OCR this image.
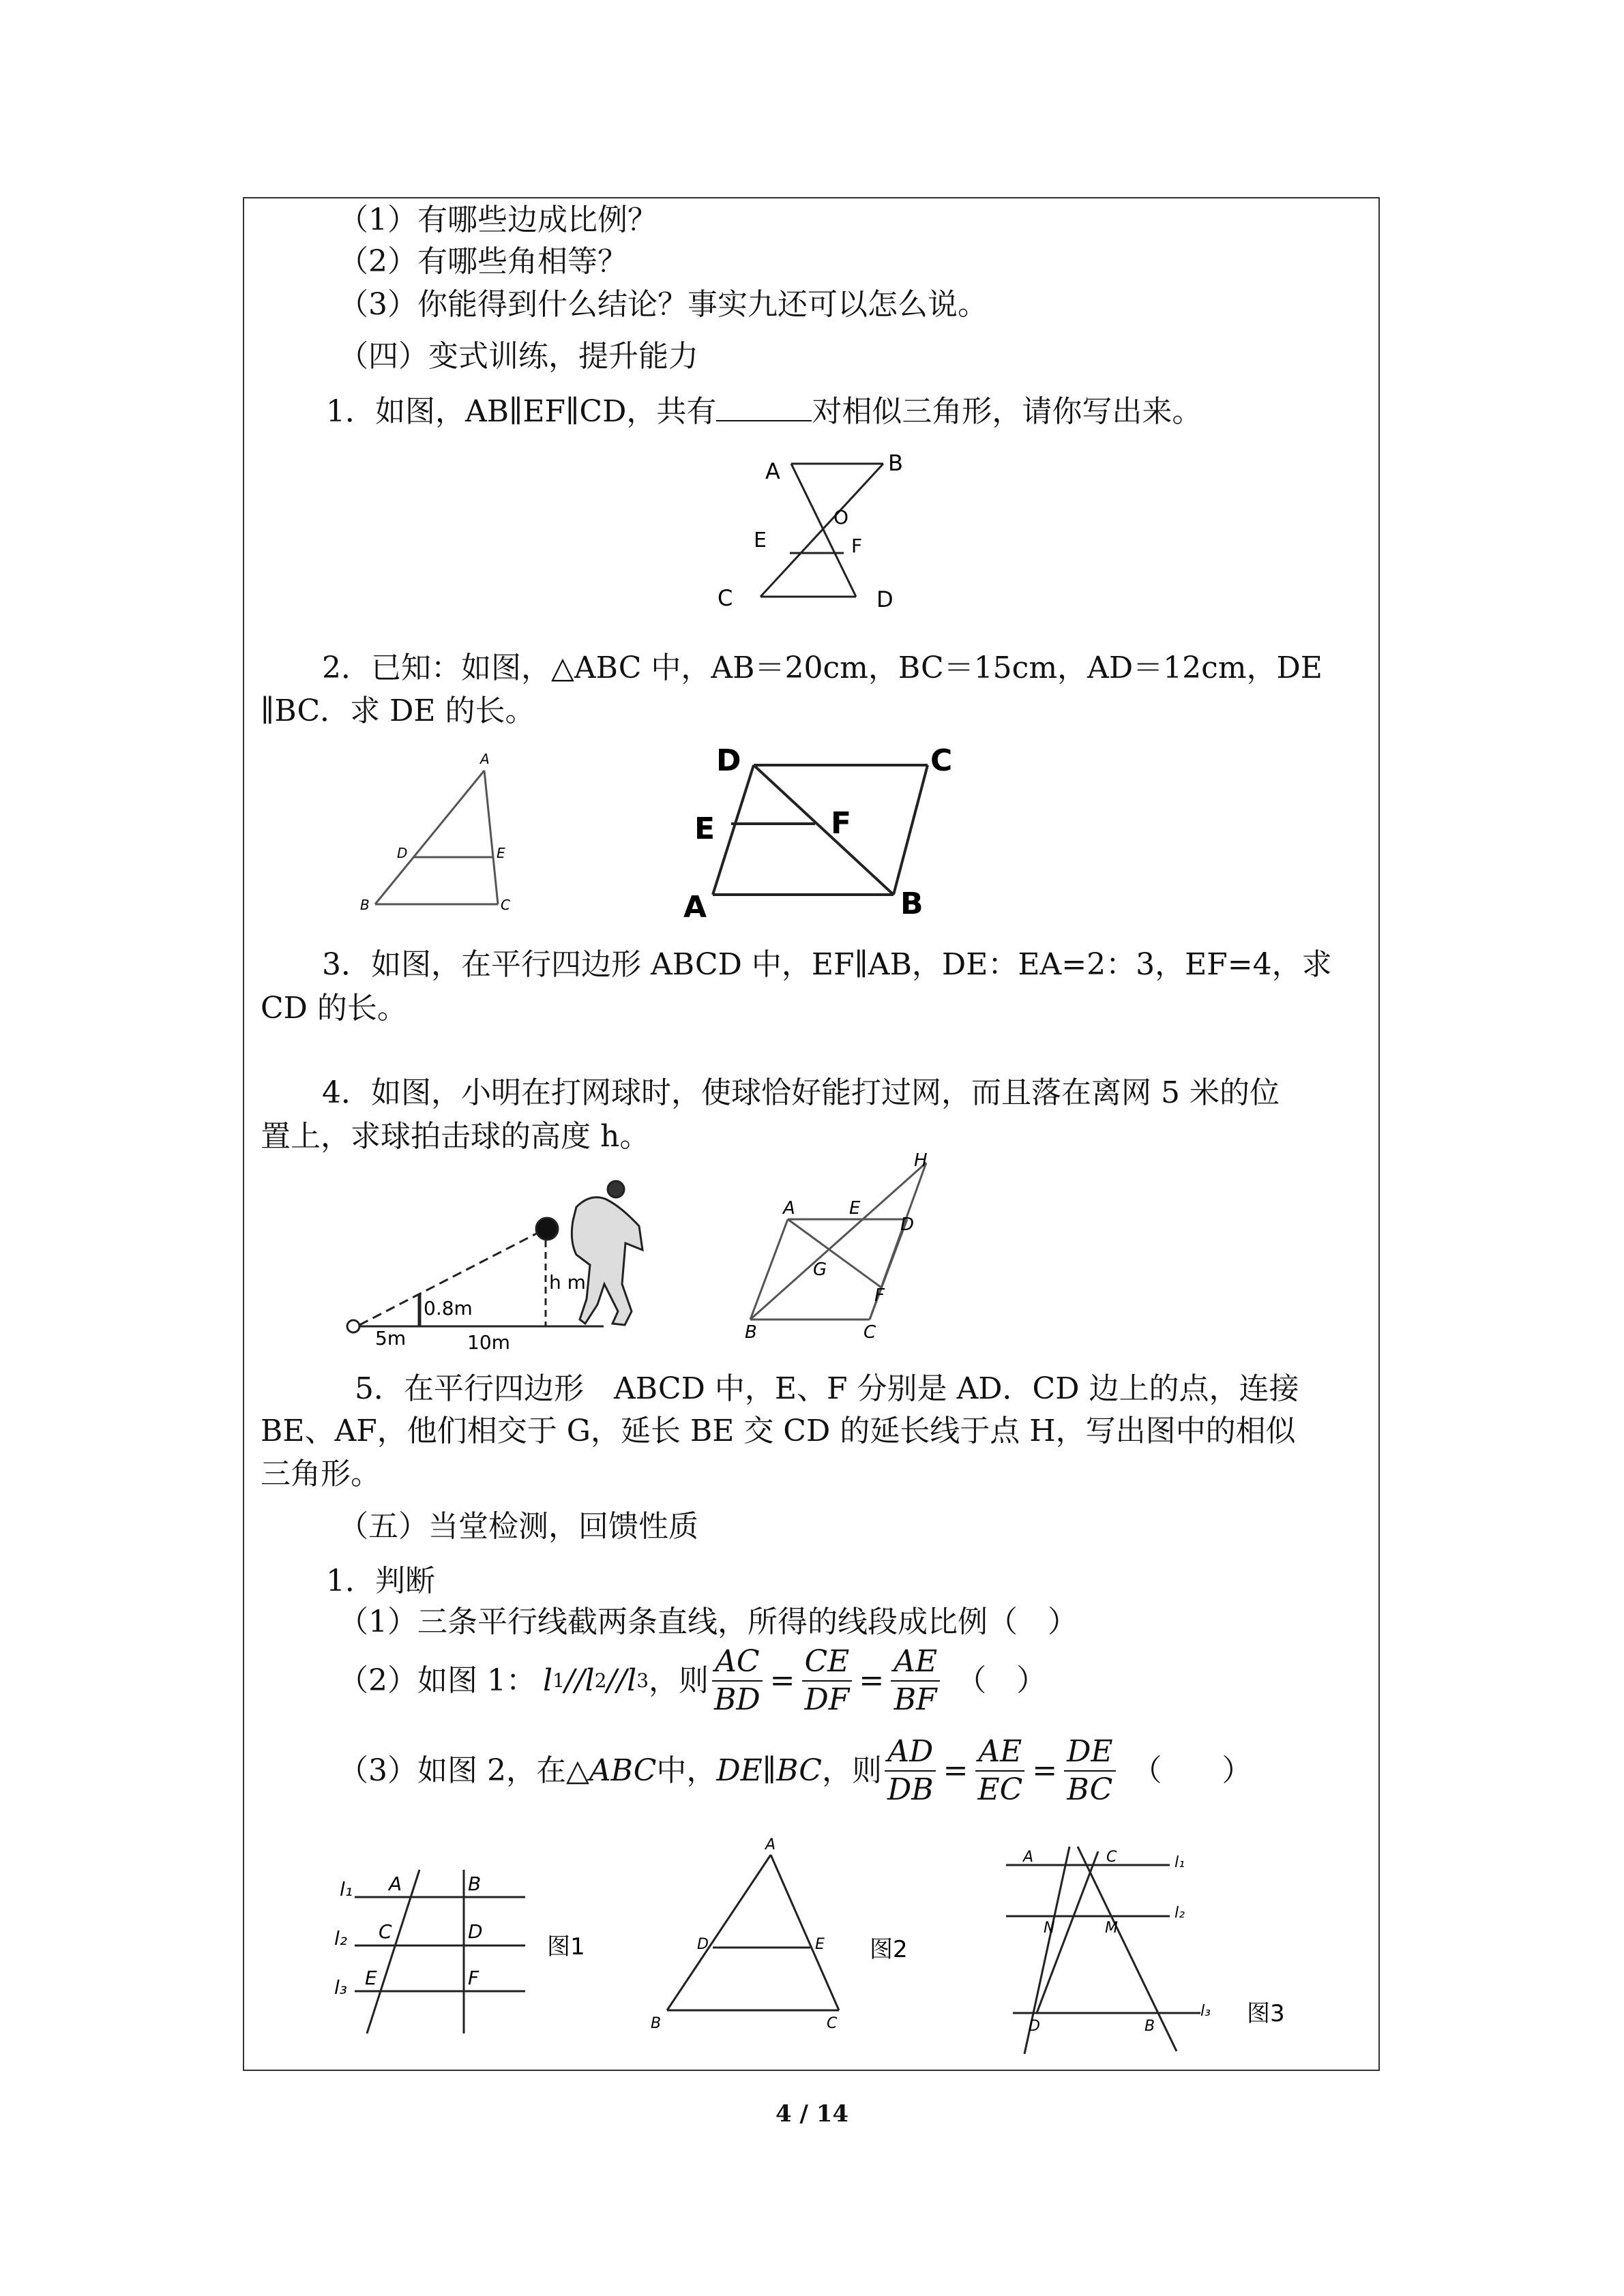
（1）有哪些边成比例？
（2）有哪些角相等？
（3）你能得到什么结论？事实九还可以怎么说。
（四）变式训练，提升能力
1．如图，AB∥EF∥CD，共有	对相似三角形，请你写出来。
A	B
O
E	F
C	D
2．已知：如图，△ABC 中，AB＝20cm，BC＝15cm，AD＝12cm，DE
∥BC．求 DE 的长。
A
D	E
B	C
D	C
E	F
A	B
3．如图，在平行四边形 ABCD 中，EF∥AB，DE：EA=2：3，EF=4，求
CD 的长。
4．如图，小明在打网球时，使球恰好能打过网，而且落在离网 5 米的位
置上，求球拍击球的高度 h。
h m
0.8m
5m	10m
H
A	E
D
G
F
B	C
5．在平行四边形　ABCD 中，E、F 分别是 AD．CD 边上的点，连接
BE、AF，他们相交于 G，延长 BE 交 CD 的延长线于点 H，写出图中的相似
三角形。
（五）当堂检测，回馈性质
1．判断
（1）三条平行线截两条直线，所得的线段成比例（　）
（2）如图 1： l 1 // l 2 // l 3 ，则 $\frac{AC}{BD} = \frac{CE}{DF} = \frac{AE}{BF}$ （　）
（3）如图 2，在△ ABC 中， DE ∥ BC ，则 $\frac{AD}{DB} = \frac{AE}{EC} = \frac{DE}{BC}$ （　　）
l₁
l₂
l₃
A	B
C	D
E	F
图1
A
D	E
B	C
图2
A	C	l₁
N	M
l₂
D	B
l₃ 图3
4 / 14
